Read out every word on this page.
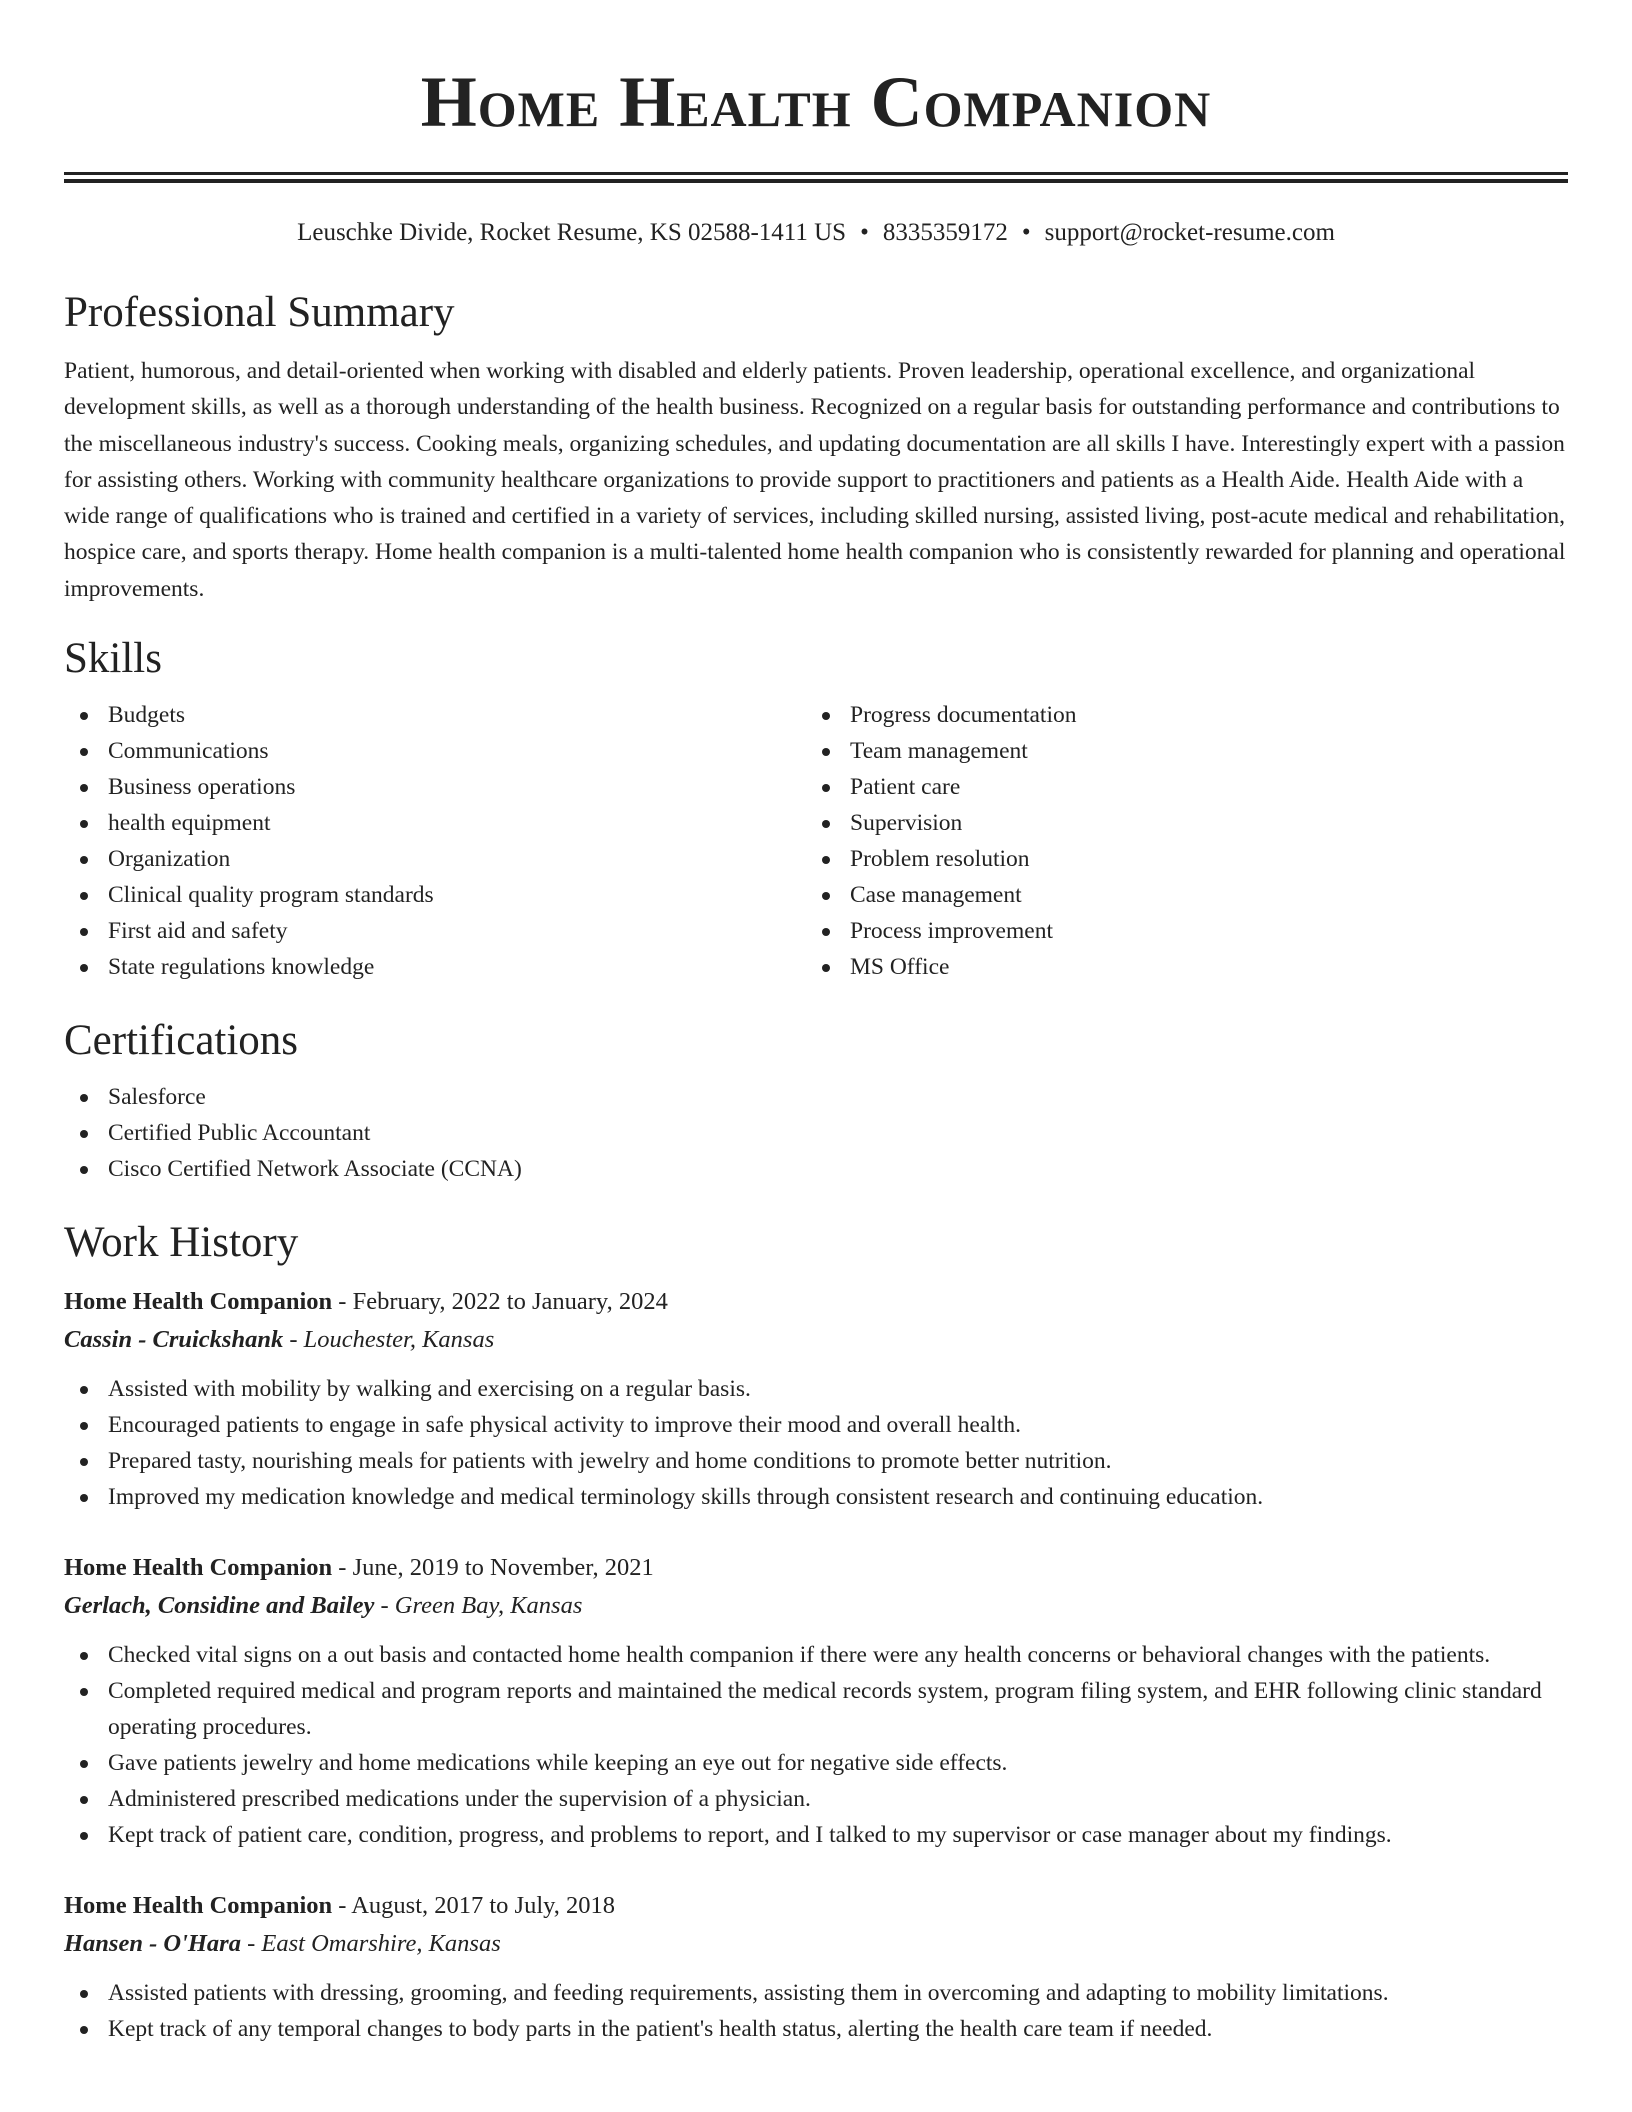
Home Health Companion
Leuschke Divide, Rocket Resume, KS 02588-1411 US • 8335359172 • support@rocket-resume.com
Professional Summary
Patient, humorous, and detail-oriented when working with disabled and elderly patients. Proven leadership, operational excellence, and organizational development skills, as well as a thorough understanding of the health business. Recognized on a regular basis for outstanding performance and contributions to the miscellaneous industry's success. Cooking meals, organizing schedules, and updating documentation are all skills I have. Interestingly expert with a passion for assisting others. Working with community healthcare organizations to provide support to practitioners and patients as a Health Aide. Health Aide with a wide range of qualifications who is trained and certified in a variety of services, including skilled nursing, assisted living, post-acute medical and rehabilitation, hospice care, and sports therapy. Home health companion is a multi-talented home health companion who is consistently rewarded for planning and operational improvements.
Skills
Budgets
Communications
Business operations
health equipment
Organization
Clinical quality program standards
First aid and safety
State regulations knowledge
Progress documentation
Team management
Patient care
Supervision
Problem resolution
Case management
Process improvement
MS Office
Certifications
Salesforce
Certified Public Accountant
Cisco Certified Network Associate (CCNA)
Work History
Home Health Companion - February, 2022 to January, 2024
Cassin - Cruickshank - Louchester, Kansas
Assisted with mobility by walking and exercising on a regular basis.
Encouraged patients to engage in safe physical activity to improve their mood and overall health.
Prepared tasty, nourishing meals for patients with jewelry and home conditions to promote better nutrition.
Improved my medication knowledge and medical terminology skills through consistent research and continuing education.
Home Health Companion - June, 2019 to November, 2021
Gerlach, Considine and Bailey - Green Bay, Kansas
Checked vital signs on a out basis and contacted home health companion if there were any health concerns or behavioral changes with the patients.
Completed required medical and program reports and maintained the medical records system, program filing system, and EHR following clinic standard operating procedures.
Gave patients jewelry and home medications while keeping an eye out for negative side effects.
Administered prescribed medications under the supervision of a physician.
Kept track of patient care, condition, progress, and problems to report, and I talked to my supervisor or case manager about my findings.
Home Health Companion - August, 2017 to July, 2018
Hansen - O'Hara - East Omarshire, Kansas
Assisted patients with dressing, grooming, and feeding requirements, assisting them in overcoming and adapting to mobility limitations.
Kept track of any temporal changes to body parts in the patient's health status, alerting the health care team if needed.
